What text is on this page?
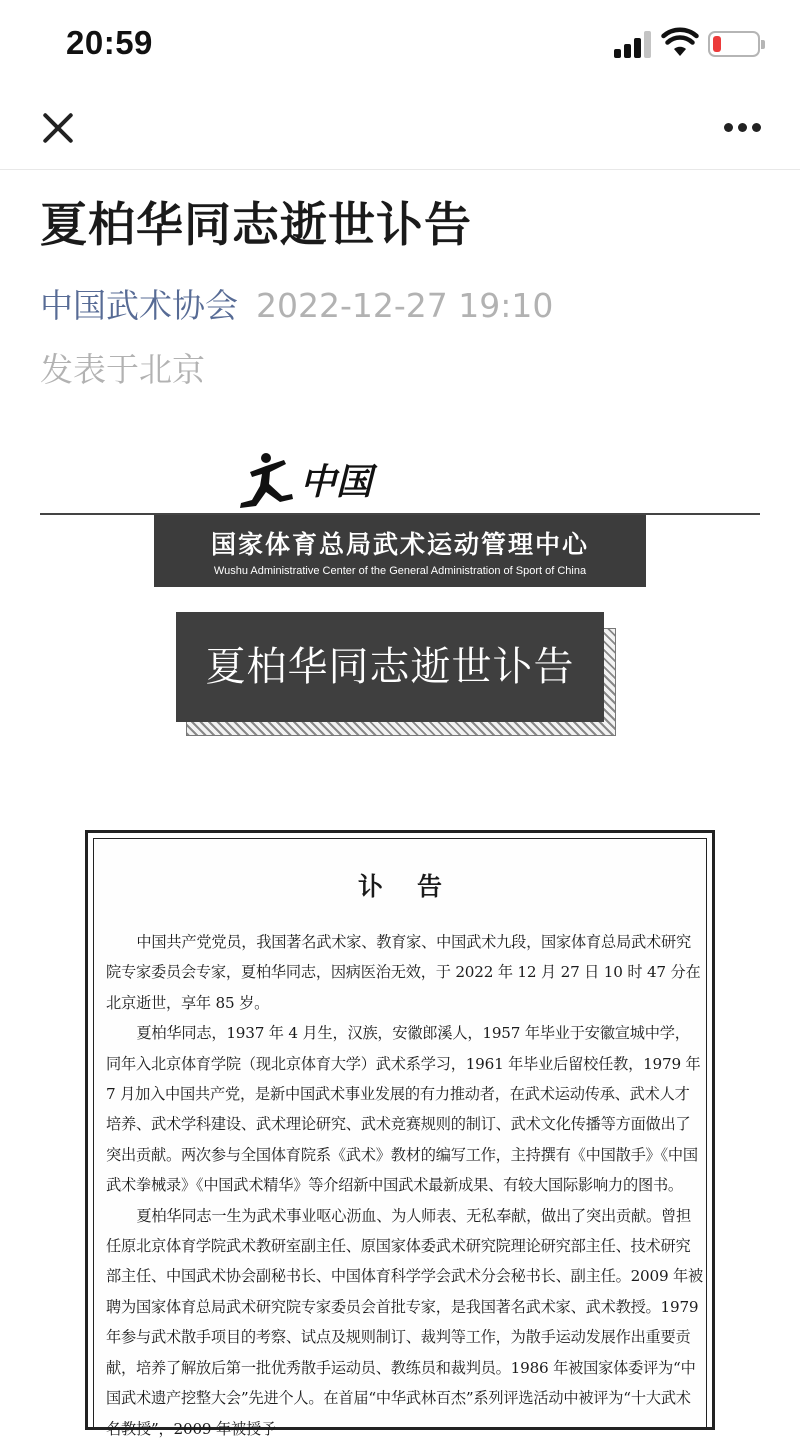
20:59
夏柏华同志逝世讣告
中国武术协会 2022-12-27 19:10
发表于北京
中国
国家体育总局武术运动管理中心
Wushu Administrative Center of the General Administration of Sport of China
夏柏华同志逝世讣告
讣告

中国共产党党员，我国著名武术家、教育家、中国武术九段，国家体育总局武术研究院专家委员会专家，夏柏华同志，因病医治无效，于 2022 年 12 月 27 日 10 时 47 分在北京逝世，享年 85 岁。

夏柏华同志，1937 年 4 月生，汉族，安徽郎溪人，1957 年毕业于安徽宣城中学，同年入北京体育学院（现北京体育大学）武术系学习，1961 年毕业后留校任教，1979 年 7 月加入中国共产党，是新中国武术事业发展的有力推动者，在武术运动传承、武术人才培养、武术学科建设、武术理论研究、武术竞赛规则的制订、武术文化传播等方面做出了突出贡献。两次参与全国体育院系《武术》教材的编写工作，主持撰有《中国散手》《中国武术拳械录》《中国武术精华》等介绍新中国武术最新成果、有较大国际影响力的图书。

夏柏华同志一生为武术事业呕心沥血、为人师表、无私奉献，做出了突出贡献。曾担任原北京体育学院武术教研室副主任、原国家体委武术研究院理论研究部主任、技术研究部主任、中国武术协会副秘书长、中国体育科学学会武术分会秘书长、副主任。2009 年被聘为国家体育总局武术研究院专家委员会首批专家，是我国著名武术家、武术教授。1979 年参与武术散手项目的考察、试点及规则制订、裁判等工作，为散手运动发展作出重要贡献，培养了解放后第一批优秀散手运动员、教练员和裁判员。1986 年被国家体委评为“中国武术遗产挖整大会”先进个人。在首届“中华武林百杰”系列评选活动中被评为“十大武术名教授”，2009 年被授予
